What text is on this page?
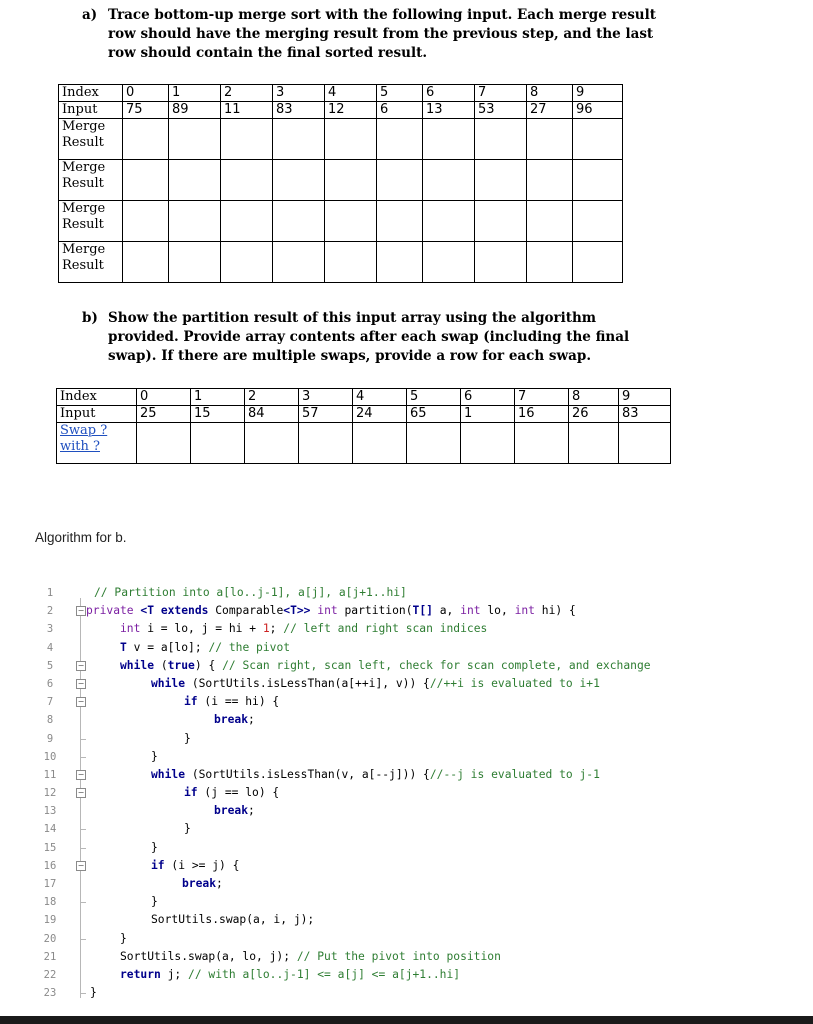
a) Trace bottom-up merge sort with the following input. Each merge result row should have the merging result from the previous step, and the last row should contain the final sorted result.
Index	0	1	2	3	4	5	6	7	8	9
Input	75	89	11	83	12	6	13	53	27	96
Merge Result										
Merge Result										
Merge Result										
Merge Result										
b) Show the partition result of this input array using the algorithm provided. Provide array contents after each swap (including the final swap). If there are multiple swaps, provide a row for each swap.
Index	0	1	2	3	4	5	6	7	8	9
Input	25	15	84	57	24	65	1	16	26	83
Swap ?
with ?										
Algorithm for b.
1	// Partition into a[lo..j-1], a[j], a[j+1..hi]
2	− private <T extends Comparable<T>> int partition(T[] a, int lo, int hi) {
3	int i = lo, j = hi + 1; // left and right scan indices
4	T v = a[lo]; // the pivot
5	−	while (true) { // Scan right, scan left, check for scan complete, and exchange
6	−	while (SortUtils.isLessThan(a[++i], v)) {//++i is evaluated to i+1
7	−	if (i == hi) {
8	break;
9	}
10	}
11	−	while (SortUtils.isLessThan(v, a[--j])) {//--j is evaluated to j-1
12	−	if (j == lo) {
13	break;
14	}
15	}
16	−	if (i >= j) {
17	break;
18	}
19	SortUtils.swap(a, i, j);
20	}
21	SortUtils.swap(a, lo, j); // Put the pivot into position
22	return j; // with a[lo..j-1] <= a[j] <= a[j+1..hi]
23	}
